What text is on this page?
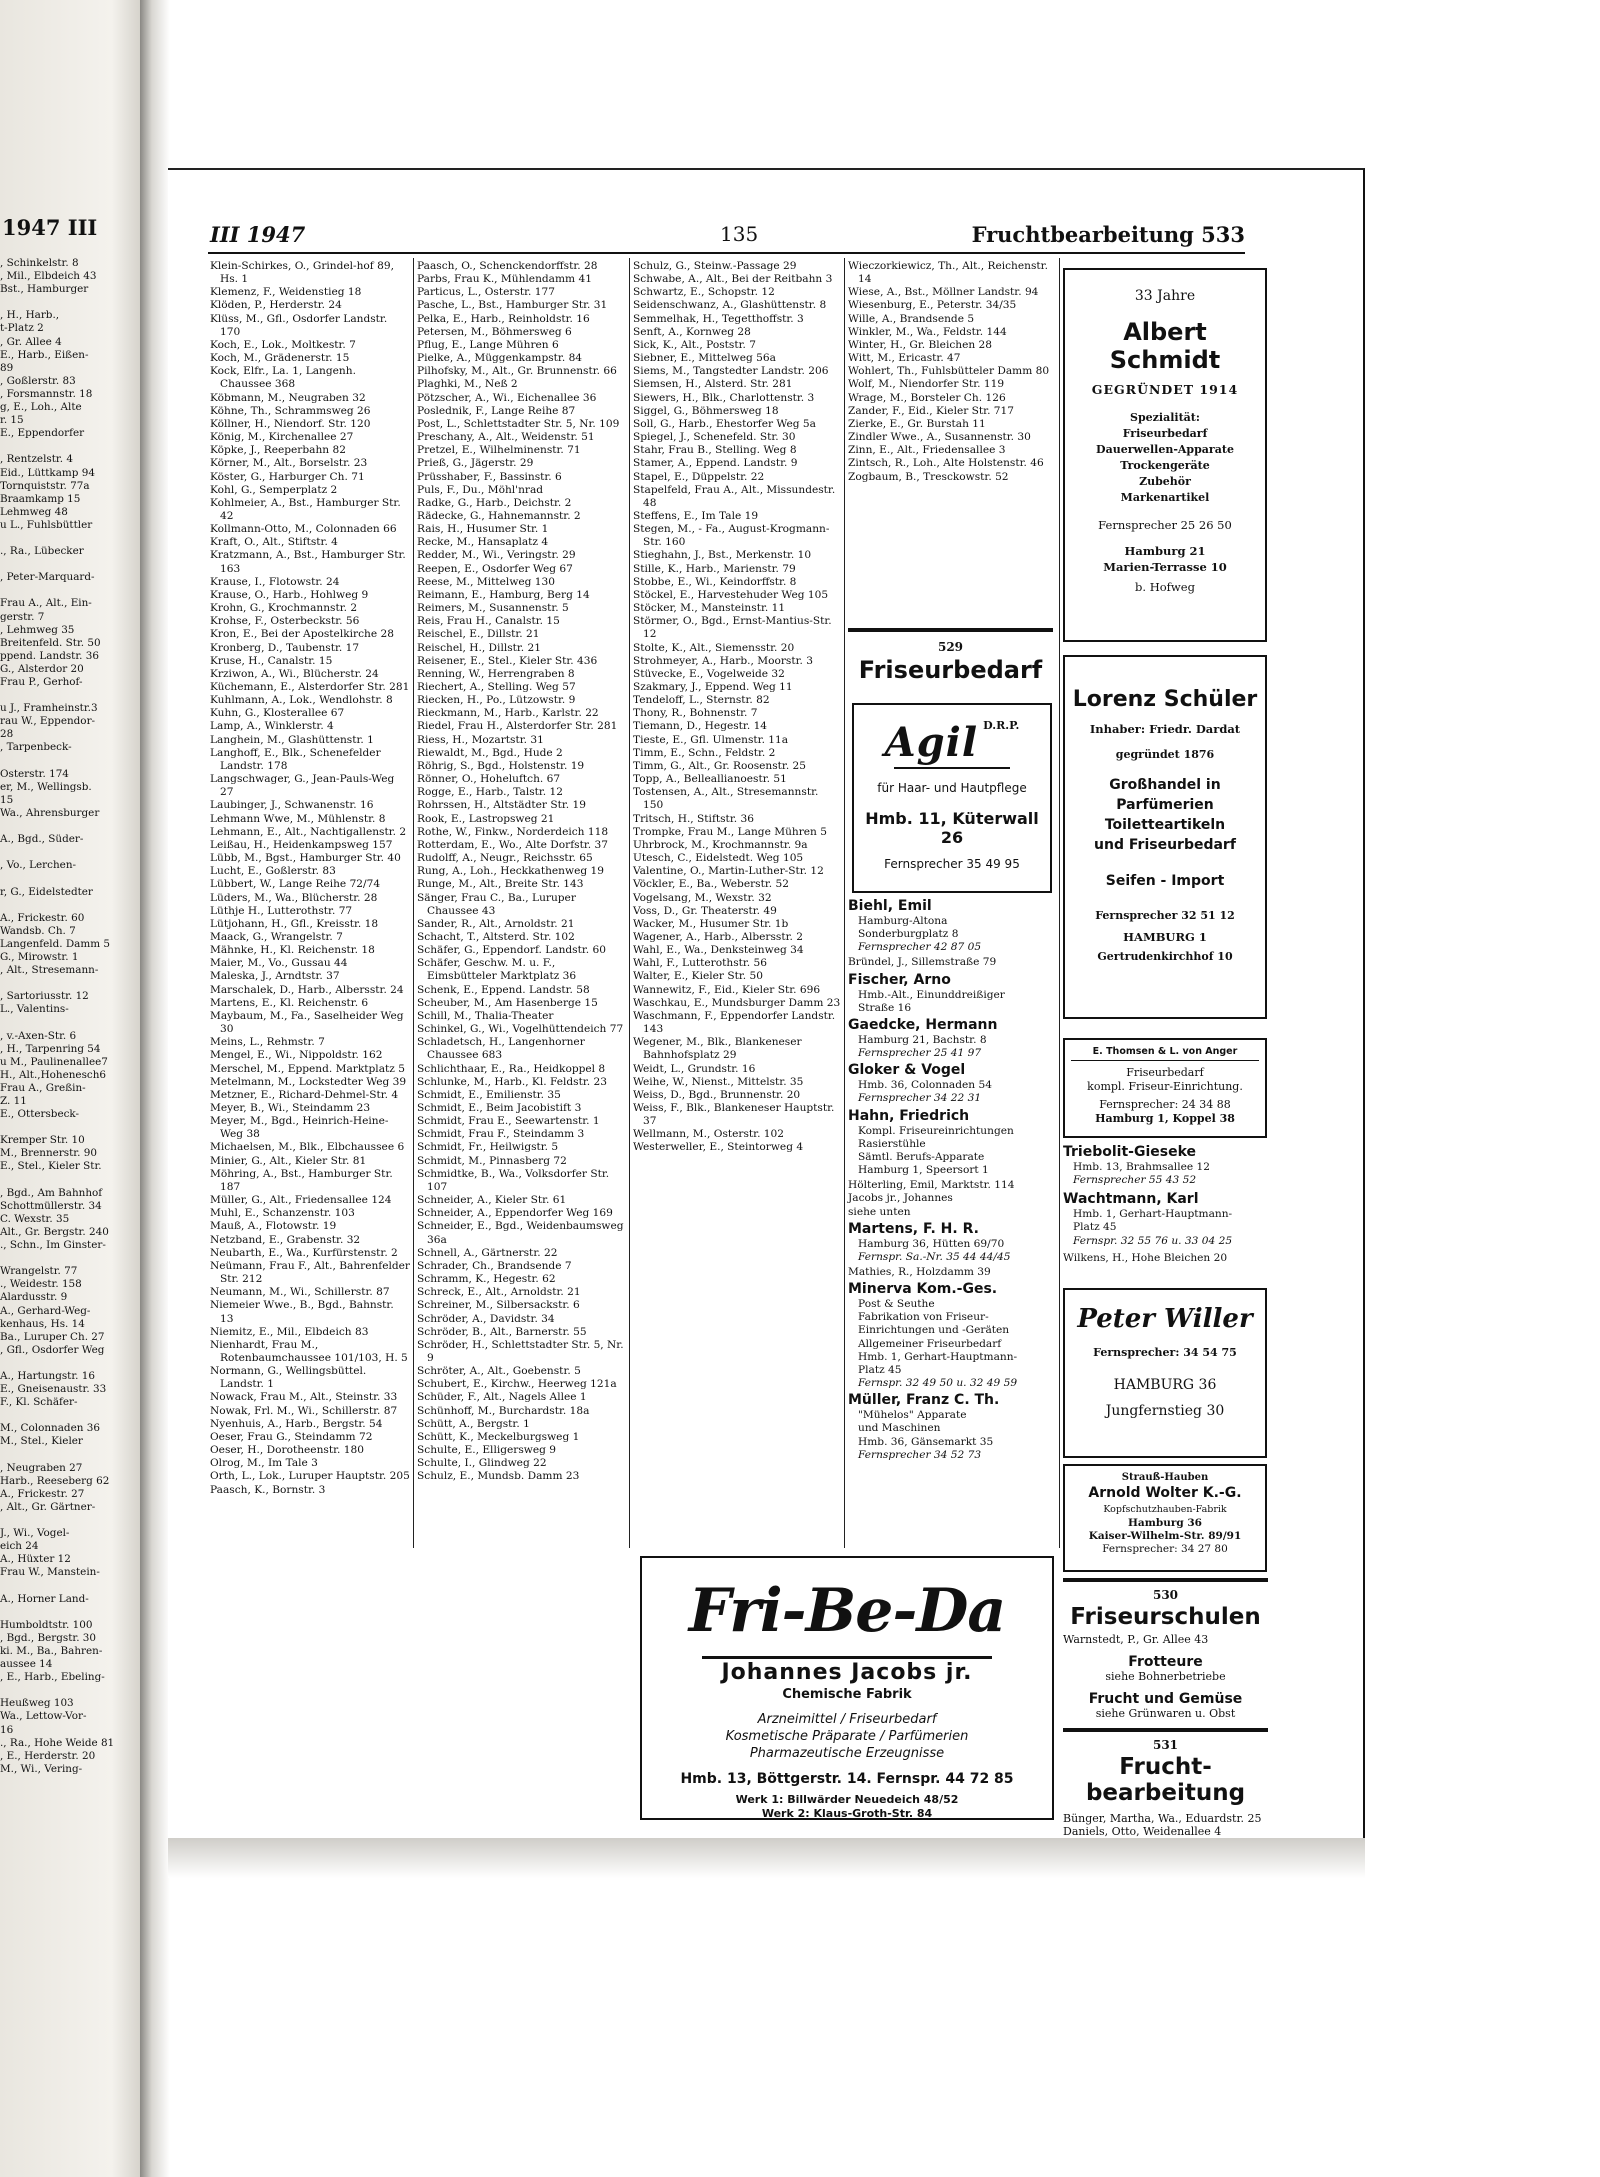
1947 III
, Schinkelstr. 8
, Mil., Elbdeich 43
Bst., Hamburger
, H., Harb.,
t-Platz 2
, Gr. Allee 4
E., Harb., Eißen-
89
, Goßlerstr. 83
, Forsmannstr. 18
g, E., Loh., Alte
r. 15
E., Eppendorfer
, Rentzelstr. 4
Eid., Lüttkamp 94
Tornquiststr. 77a
Braamkamp 15
Lehmweg 48
u L., Fuhlsbüttler
., Ra., Lübecker
, Peter-Marquard-
Frau A., Alt., Ein-
gerstr. 7
, Lehmweg 35
Breitenfeld. Str. 50
ppend. Landstr. 36
G., Alsterdor 20
Frau P., Gerhof-
u J., Framheinstr.3
rau W., Eppendor-
28
, Tarpenbeck-
Osterstr. 174
er, M., Wellingsb.
15
Wa., Ahrensburger
A., Bgd., Süder-
, Vo., Lerchen-
r, G., Eidelstedter
A., Frickestr. 60
Wandsb. Ch. 7
Langenfeld. Damm 5
G., Mirowstr. 1
, Alt., Stresemann-
, Sartoriusstr. 12
L., Valentins-
, v.-Axen-Str. 6
, H., Tarpenring 54
u M., Paulinenallee7
H., Alt.,Hohenesch6
Frau A., Greßin-
Z. 11
E., Ottersbeck-
Kremper Str. 10
M., Brennerstr. 90
E., Stel., Kieler Str.
, Bgd., Am Bahnhof
Schottmüllerstr. 34
C. Wexstr. 35
Alt., Gr. Bergstr. 240
., Schn., Im Ginster-
Wrangelstr. 77
., Weidestr. 158
Alardusstr. 9
A., Gerhard-Weg-
kenhaus, Hs. 14
Ba., Luruper Ch. 27
, Gfl., Osdorfer Weg
A., Hartungstr. 16
E., Gneisenaustr. 33
F., Kl. Schäfer-
M., Colonnaden 36
M., Stel., Kieler
, Neugraben 27
Harb., Reeseberg 62
A., Frickestr. 27
, Alt., Gr. Gärtner-
J., Wi., Vogel-
eich 24
A., Hüxter 12
Frau W., Manstein-
A., Horner Land-
Humboldtstr. 100
, Bgd., Bergstr. 30
ki. M., Ba., Bahren-
aussee 14
, E., Harb., Ebeling-
Heußweg 103
Wa., Lettow-Vor-
16
., Ra., Hohe Weide 81
, E., Herderstr. 20
M., Wi., Vering-
III 1947	135	Fruchtbearbeitung 533
Klein-Schirkes, O., Grindel-hof 89, Hs. 1
Klemenz, F., Weidenstieg 18
Klöden, P., Herderstr. 24
Klüss, M., Gfl., Osdorfer Landstr. 170
Koch, E., Lok., Moltkestr. 7
Koch, M., Grädenerstr. 15
Kock, Elfr., La. 1, Langenh. Chaussee 368
Köbmann, M., Neugraben 32
Köhne, Th., Schrammsweg 26
Köllner, H., Niendorf. Str. 120
König, M., Kirchenallee 27
Köpke, J., Reeperbahn 82
Körner, M., Alt., Borselstr. 23
Köster, G., Harburger Ch. 71
Kohl, G., Semperplatz 2
Kohlmeier, A., Bst., Hamburger Str. 42
Kollmann-Otto, M., Colonnaden 66
Kraft, O., Alt., Stiftstr. 4
Kratzmann, A., Bst., Hamburger Str. 163
Krause, I., Flotowstr. 24
Krause, O., Harb., Hohlweg 9
Krohn, G., Krochmannstr. 2
Krohse, F., Osterbeckstr. 56
Kron, E., Bei der Apostelkirche 28
Kronberg, D., Taubenstr. 17
Kruse, H., Canalstr. 15
Krziwon, A., Wi., Blücherstr. 24
Küchemann, E., Alsterdorfer Str. 281
Kuhlmann, A., Lok., Wendlohstr. 8
Kuhn, G., Klosterallee 67
Lamp, A., Winklerstr. 4
Langhein, M., Glashüttenstr. 1
Langhoff, E., Blk., Schenefelder Landstr. 178
Langschwager, G., Jean-Pauls-Weg 27
Laubinger, J., Schwanenstr. 16
Lehmann Wwe, M., Mühlenstr. 8
Lehmann, E., Alt., Nachtigallenstr. 2
Leißau, H., Heidenkampsweg 157
Lübb, M., Bgst., Hamburger Str. 40
Lucht, E., Goßlerstr. 83
Lübbert, W., Lange Reihe 72/74
Lüders, M., Wa., Blücherstr. 28
Lüthje H., Lutterothstr. 77
Lütjohann, H., Gfl., Kreisstr. 18
Maack, G., Wrangelstr. 7
Mähnke, H., Kl. Reichenstr. 18
Maier, M., Vo., Gussau 44
Maleska, J., Arndtstr. 37
Marschalek, D., Harb., Albersstr. 24
Martens, E., Kl. Reichenstr. 6
Maybaum, M., Fa., Saselheider Weg 30
Meins, L., Rehmstr. 7
Mengel, E., Wi., Nippoldstr. 162
Merschel, M., Eppend. Marktplatz 5
Metelmann, M., Lockstedter Weg 39
Metzner, E., Richard-Dehmel-Str. 4
Meyer, B., Wi., Steindamm 23
Meyer, M., Bgd., Heinrich-Heine-Weg 38
Michaelsen, M., Blk., Elbchaussee 6
Minier, G., Alt., Kieler Str. 81
Möhring, A., Bst., Hamburger Str. 187
Müller, G., Alt., Friedensallee 124
Muhl, E., Schanzenstr. 103
Mauß, A., Flotowstr. 19
Netzband, E., Grabenstr. 32
Neubarth, E., Wa., Kurfürstenstr. 2
Neümann, Frau F., Alt., Bahrenfelder Str. 212
Neumann, M., Wi., Schillerstr. 87
Niemeier Wwe., B., Bgd., Bahnstr. 13
Niemitz, E., Mil., Elbdeich 83
Nienhardt, Frau M., Rotenbaumchaussee 101/103, H. 5
Normann, G., Wellingsbüttel. Landstr. 1
Nowack, Frau M., Alt., Steinstr. 33
Nowak, Frl. M., Wi., Schillerstr. 87
Nyenhuis, A., Harb., Bergstr. 54
Oeser, Frau G., Steindamm 72
Oeser, H., Dorotheenstr. 180
Olrog, M., Im Tale 3
Orth, L., Lok., Luruper Hauptstr. 205
Paasch, K., Bornstr. 3
Paasch, O., Schenckendorffstr. 28
Parbs, Frau K., Mühlendamm 41
Particus, L., Osterstr. 177
Pasche, L., Bst., Hamburger Str. 31
Pelka, E., Harb., Reinholdstr. 16
Petersen, M., Böhmersweg 6
Pflug, E., Lange Mühren 6
Pielke, A., Müggenkampstr. 84
Pilhofsky, M., Alt., Gr. Brunnenstr. 66
Plaghki, M., Neß 2
Pötzscher, A., Wi., Eichenallee 36
Poslednik, F., Lange Reihe 87
Post, L., Schlettstadter Str. 5, Nr. 109
Preschany, A., Alt., Weidenstr. 51
Pretzel, E., Wilhelminenstr. 71
Prieß, G., Jägerstr. 29
Prüsshaber, F., Bassinstr. 6
Puls, F., Du., Möhl'nrad
Radke, G., Harb., Deichstr. 2
Rädecke, G., Hahnemannstr. 2
Rais, H., Husumer Str. 1
Recke, M., Hansaplatz 4
Redder, M., Wi., Veringstr. 29
Reepen, E., Osdorfer Weg 67
Reese, M., Mittelweg 130
Reimann, E., Hamburg, Berg 14
Reimers, M., Susannenstr. 5
Reis, Frau H., Canalstr. 15
Reischel, E., Dillstr. 21
Reischel, H., Dillstr. 21
Reisener, E., Stel., Kieler Str. 436
Renning, W., Herrengraben 8
Riechert, A., Stelling. Weg 57
Riecken, H., Po., Lützowstr. 9
Rieckmann, M., Harb., Karlstr. 22
Riedel, Frau H., Alsterdorfer Str. 281
Riess, H., Mozartstr. 31
Riewaldt, M., Bgd., Hude 2
Röhrig, S., Bgd., Holstenstr. 19
Rönner, O., Hoheluftch. 67
Rogge, E., Harb., Talstr. 12
Rohrssen, H., Altstädter Str. 19
Rook, E., Lastropsweg 21
Rothe, W., Finkw., Norderdeich 118
Rotterdam, E., Wo., Alte Dorfstr. 37
Rudolff, A., Neugr., Reichsstr. 65
Rung, A., Loh., Heckkathenweg 19
Runge, M., Alt., Breite Str. 143
Sänger, Frau C., Ba., Luruper Chaussee 43
Sander, R., Alt., Arnoldstr. 21
Schacht, T., Altsterd. Str. 102
Schäfer, G., Eppendorf. Landstr. 60
Schäfer, Geschw. M. u. F., Eimsbütteler Marktplatz 36
Schenk, E., Eppend. Landstr. 58
Scheuber, M., Am Hasenberge 15
Schill, M., Thalia-Theater
Schinkel, G., Wi., Vogelhüttendeich 77
Schladetsch, H., Langenhorner Chaussee 683
Schlichthaar, E., Ra., Heidkoppel 8
Schlunke, M., Harb., Kl. Feldstr. 23
Schmidt, E., Emilienstr. 35
Schmidt, E., Beim Jacobistift 3
Schmidt, Frau E., Seewartenstr. 1
Schmidt, Frau F., Steindamm 3
Schmidt, Fr., Heilwigstr. 5
Schmidt, M., Pinnasberg 72
Schmidtke, B., Wa., Volksdorfer Str. 107
Schneider, A., Kieler Str. 61
Schneider, A., Eppendorfer Weg 169
Schneider, E., Bgd., Weidenbaumsweg 36a
Schnell, A., Gärtnerstr. 22
Schrader, Ch., Brandsende 7
Schramm, K., Hegestr. 62
Schreck, E., Alt., Arnoldstr. 21
Schreiner, M., Silbersackstr. 6
Schröder, A., Davidstr. 34
Schröder, B., Alt., Barnerstr. 55
Schröder, H., Schlettstadter Str. 5, Nr. 9
Schröter, A., Alt., Goebenstr. 5
Schubert, E., Kirchw., Heerweg 121a
Schüder, F., Alt., Nagels Allee 1
Schünhoff, M., Burchardstr. 18a
Schütt, A., Bergstr. 1
Schütt, K., Meckelburgsweg 1
Schulte, E., Elligersweg 9
Schulte, I., Glindweg 22
Schulz, E., Mundsb. Damm 23
Schulz, G., Steinw.-Passage 29
Schwabe, A., Alt., Bei der Reitbahn 3
Schwartz, E., Schopstr. 12
Seidenschwanz, A., Glashüttenstr. 8
Semmelhak, H., Tegetthoffstr. 3
Senft, A., Kornweg 28
Sick, K., Alt., Poststr. 7
Siebner, E., Mittelweg 56a
Siems, M., Tangstedter Landstr. 206
Siemsen, H., Alsterd. Str. 281
Siewers, H., Blk., Charlottenstr. 3
Siggel, G., Böhmersweg 18
Soll, G., Harb., Ehestorfer Weg 5a
Spiegel, J., Schenefeld. Str. 30
Stahr, Frau B., Stelling. Weg 8
Stamer, A., Eppend. Landstr. 9
Stapel, E., Düppelstr. 22
Stapelfeld, Frau A., Alt., Missundestr. 48
Steffens, E., Im Tale 19
Stegen, M., - Fa., August-Krogmann-Str. 160
Stieghahn, J., Bst., Merkenstr. 10
Stille, K., Harb., Marienstr. 79
Stobbe, E., Wi., Keindorffstr. 8
Stöckel, E., Harvestehuder Weg 105
Stöcker, M., Mansteinstr. 11
Störmer, O., Bgd., Ernst-Mantius-Str. 12
Stolte, K., Alt., Siemensstr. 20
Strohmeyer, A., Harb., Moorstr. 3
Stüvecke, E., Vogelweide 32
Szakmary, J., Eppend. Weg 11
Tendeloff, L., Sternstr. 82
Thony, R., Bohnenstr. 7
Tiemann, D., Hegestr. 14
Tieste, E., Gfl. Ulmenstr. 11a
Timm, E., Schn., Feldstr. 2
Timm, G., Alt., Gr. Roosenstr. 25
Topp, A., Belleallianoestr. 51
Tostensen, A., Alt., Stresemannstr. 150
Tritsch, H., Stiftstr. 36
Trompke, Frau M., Lange Mühren 5
Uhrbrock, M., Krochmannstr. 9a
Utesch, C., Eidelstedt. Weg 105
Valentine, O., Martin-Luther-Str. 12
Vöckler, E., Ba., Weberstr. 52
Vogelsang, M., Wexstr. 32
Voss, D., Gr. Theaterstr. 49
Wacker, M., Husumer Str. 1b
Wagener, A., Harb., Albersstr. 2
Wahl, E., Wa., Denksteinweg 34
Wahl, F., Lutterothstr. 56
Walter, E., Kieler Str. 50
Wannewitz, F., Eid., Kieler Str. 696
Waschkau, E., Mundsburger Damm 23
Waschmann, F., Eppendorfer Landstr. 143
Wegener, M., Blk., Blankeneser Bahnhofsplatz 29
Weidt, L., Grundstr. 16
Weihe, W., Nienst., Mittelstr. 35
Weiss, D., Bgd., Brunnenstr. 20
Weiss, F., Blk., Blankeneser Hauptstr. 37
Wellmann, M., Osterstr. 102
Westerweller, E., Steintorweg 4
Wieczorkiewicz, Th., Alt., Reichenstr. 14
Wiese, A., Bst., Möllner Landstr. 94
Wiesenburg, E., Peterstr. 34/35
Wille, A., Brandsende 5
Winkler, M., Wa., Feldstr. 144
Winter, H., Gr. Bleichen 28
Witt, M., Ericastr. 47
Wohlert, Th., Fuhlsbütteler Damm 80
Wolf, M., Niendorfer Str. 119
Wrage, M., Borsteler Ch. 126
Zander, F., Eid., Kieler Str. 717
Zierke, E., Gr. Burstah 11
Zindler Wwe., A., Susannenstr. 30
Zinn, E., Alt., Friedensallee 3
Zintsch, R., Loh., Alte Holstenstr. 46
Zogbaum, B., Tresckowstr. 52
529
Friseurbedarf
Agil $^{D.R.P.}$
für Haar- und Hautpflege
Hmb. 11, Küterwall 26
Fernsprecher 35 49 95
Biehl, Emil
Hamburg-Altona
Sonderburgplatz 8
Fernsprecher 42 87 05
Bründel, J., Sillemstraße 79
Fischer, Arno
Hmb.-Alt., Einunddreißiger
Straße 16
Gaedcke, Hermann
Hamburg 21, Bachstr. 8
Fernsprecher 25 41 97
Gloker & Vogel
Hmb. 36, Colonnaden 54
Fernsprecher 34 22 31
Hahn, Friedrich
Kompl. Friseureinrichtungen
Rasierstühle
Sämtl. Berufs-Apparate
Hamburg 1, Speersort 1
Hölterling, Emil, Marktstr. 114
Jacobs jr., Johannes
siehe unten
Martens, F. H. R.
Hamburg 36, Hütten 69/70
Fernspr. Sa.-Nr. 35 44 44/45
Mathies, R., Holzdamm 39
Minerva Kom.-Ges.
Post & Seuthe
Fabrikation von Friseur-
Einrichtungen und -Geräten
Allgemeiner Friseurbedarf
Hmb. 1, Gerhart-Hauptmann-
Platz 45
Fernspr. 32 49 50 u. 32 49 59
Müller, Franz C. Th.
"Mühelos" Apparate
und Maschinen
Hmb. 36, Gänsemarkt 35
Fernsprecher 34 52 73
33 Jahre
Albert Schmidt
GEGRÜNDET 1914
Spezialität:
Friseurbedarf
Dauerwellen-Apparate
Trockengeräte
Zubehör
Markenartikel
Fernsprecher 25 26 50
Hamburg 21
Marien-Terrasse 10
b. Hofweg
Lorenz Schüler
Inhaber: Friedr. Dardat
gegründet 1876
Großhandel in
Parfümerien
Toilettеartikeln
und Friseurbedarf
Seifen - Import
Fernsprecher 32 51 12
HAMBURG 1
Gertrudenkirchhof 10
E. Thomsen & L. von Anger
Friseurbedarf
kompl. Friseur-Einrichtung.
Fernsprecher: 24 34 88
Hamburg 1, Koppel 38
Triebolit-Gieseke
Hmb. 13, Brahmsallee 12
Fernsprecher 55 43 52
Wachtmann, Karl
Hmb. 1, Gerhart-Hauptmann-
Platz 45
Fernspr. 32 55 76 u. 33 04 25
Wilkens, H., Hohe Bleichen 20
Peter Willer
Fernsprecher: 34 54 75
HAMBURG 36
Jungfernstieg 30
Strauß-Hauben
Arnold Wolter K.-G.
Kopfschutzhauben-Fabrik
Hamburg 36
Kaiser-Wilhelm-Str. 89/91
Fernsprecher: 34 27 80
530
Friseurschulen
Warnstedt, P., Gr. Allee 43
Frotteure
siehe Bohnerbetriebe
Frucht und Gemüse
siehe Grünwaren u. Obst
531
Frucht-
bearbeitung
Bünger, Martha, Wa., Eduardstr. 25
Daniels, Otto, Weidenallee 4
Fri-Be-Da
Johannes Jacobs jr.
Chemische Fabrik
Arzneimittel / Friseurbedarf
Kosmetische Präparate / Parfümerien
Pharmazeutische Erzeugnisse
Hmb. 13, Böttgerstr. 14. Fernspr. 44 72 85
Werk 1: Billwärder Neuedeich 48/52
Werk 2: Klaus-Groth-Str. 84
